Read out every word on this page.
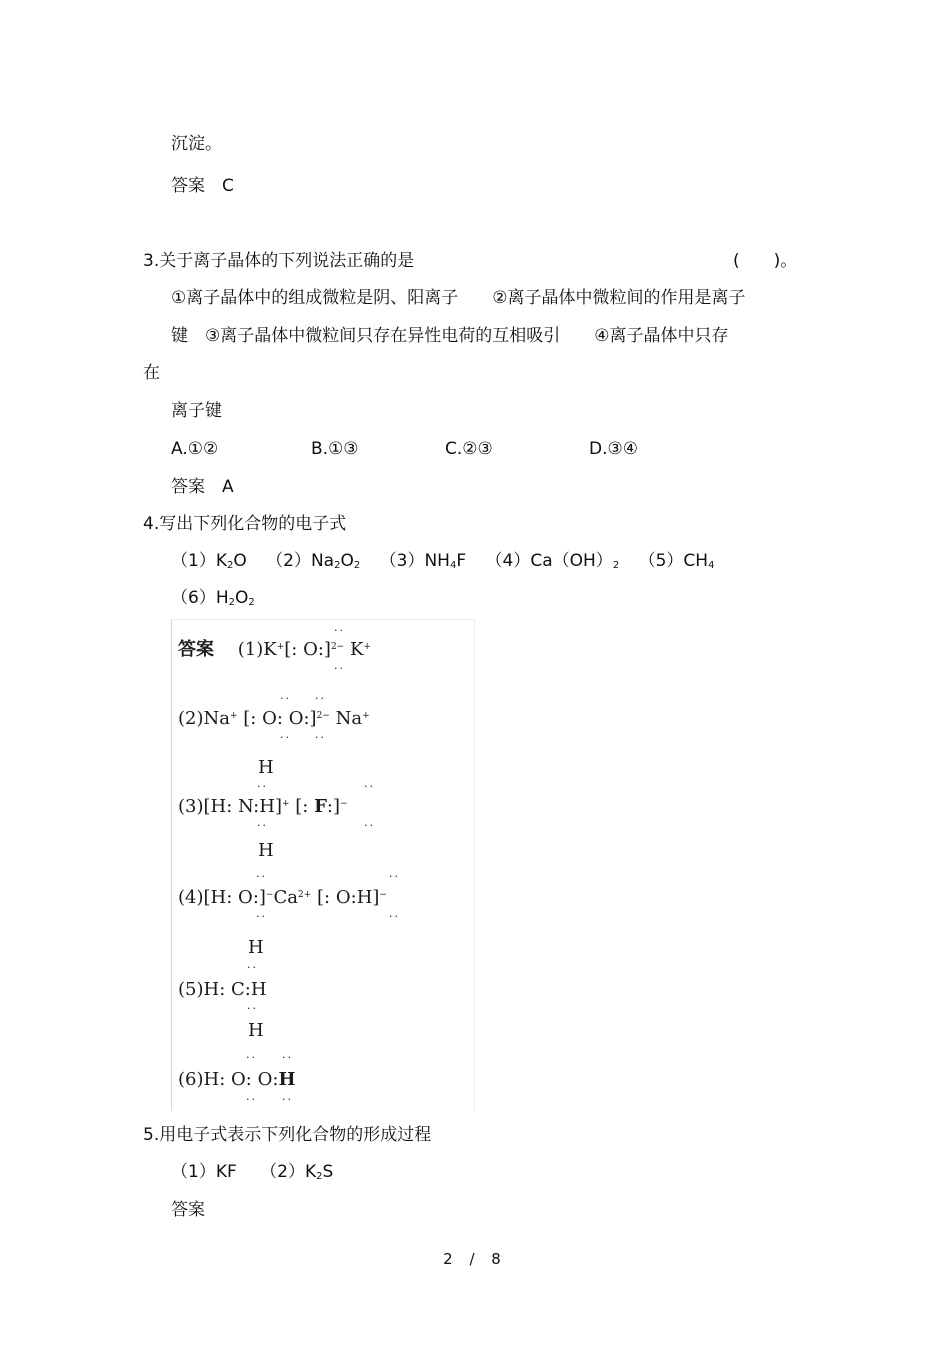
沉淀。
答案　C
3.关于离子晶体的下列说法正确的是	(　　)。
①离子晶体中的组成微粒是阴、阳离子　　②离子晶体中微粒间的作用是离子
键　③离子晶体中微粒间只存在异性电荷的互相吸引　　④离子晶体中只存
在
离子键
A.①②	B.①③	C.②③	D.③④
答案　A
4.写出下列化合物的电子式
$(1)K_2O$ $(2)Na_2O_2$ $(3)NH_4F$ $(4)Ca(OH)_2$ $(5)CH_4$
$(6)H_2O_2$
··
答案 (1)K+[: O:]$^{2-}$ K+
··
·· ··
(2)Na+ [: O: O:]$^{2-}$ Na+
·· ··
H
··	··
(3)[H: N:H]+ [: F:]−
··	··
H
··	··
(4)[H: $O:]^-Ca^{2+}$ [: O:H]−
··	··
H
··
(5)H: C:H
··
H
·· ··
(6)H: O: O:H
·· ··
5.用电子式表示下列化合物的形成过程
（1）KF $(2)K_2S$
答案
2 / 8
